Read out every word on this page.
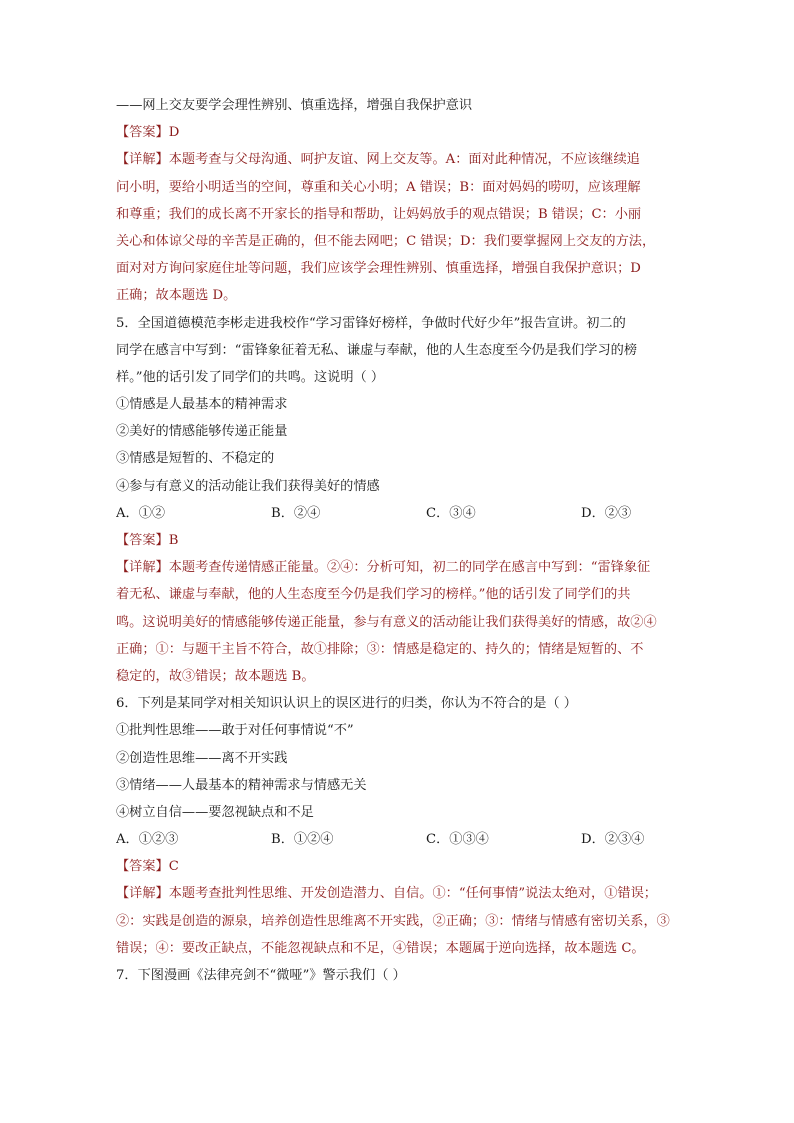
——网上交友要学会理性辨别、慎重选择，增强自我保护意识
【答案】D
【详解】本题考查与父母沟通、呵护友谊、网上交友等。A：面对此种情况，不应该继续追
问小明，要给小明适当的空间，尊重和关心小明；A 错误；B：面对妈妈的唠叨，应该理解
和尊重；我们的成长离不开家长的指导和帮助，让妈妈放手的观点错误；B 错误；C：小丽
关心和体谅父母的辛苦是正确的，但不能去网吧；C 错误；D：我们要掌握网上交友的方法，
面对对方询问家庭住址等问题，我们应该学会理性辨别、慎重选择，增强自我保护意识；D
正确；故本题选 D。
5．全国道德模范李彬走进我校作“学习雷锋好榜样，争做时代好少年”报告宣讲。初二的
同学在感言中写到：“雷锋象征着无私、谦虚与奉献，他的人生态度至今仍是我们学习的榜
样。”他的话引发了同学们的共鸣。这说明（ ）
①情感是人最基本的精神需求
②美好的情感能够传递正能量
③情感是短暂的、不稳定的
④参与有意义的活动能让我们获得美好的情感
A．①②	B．②④	C．③④	D．②③
【答案】B
【详解】本题考查传递情感正能量。②④：分析可知，初二的同学在感言中写到：“雷锋象征
着无私、谦虚与奉献，他的人生态度至今仍是我们学习的榜样。”他的话引发了同学们的共
鸣。这说明美好的情感能够传递正能量，参与有意义的活动能让我们获得美好的情感，故②④
正确；①：与题干主旨不符合，故①排除；③：情感是稳定的、持久的；情绪是短暂的、不
稳定的，故③错误；故本题选 B。
6．下列是某同学对相关知识认识上的误区进行的归类，你认为不符合的是（ ）
①批判性思维——敢于对任何事情说“不”
②创造性思维——离不开实践
③情绪——人最基本的精神需求与情感无关
④树立自信——要忽视缺点和不足
A．①②③	B．①②④	C．①③④	D．②③④
【答案】C
【详解】本题考查批判性思维、开发创造潜力、自信。①：“任何事情”说法太绝对，①错误；
②：实践是创造的源泉，培养创造性思维离不开实践，②正确；③：情绪与情感有密切关系，③
错误；④：要改正缺点，不能忽视缺点和不足，④错误；本题属于逆向选择，故本题选 C。
7．下图漫画《法律亮剑不“微哑”》警示我们（ ）
